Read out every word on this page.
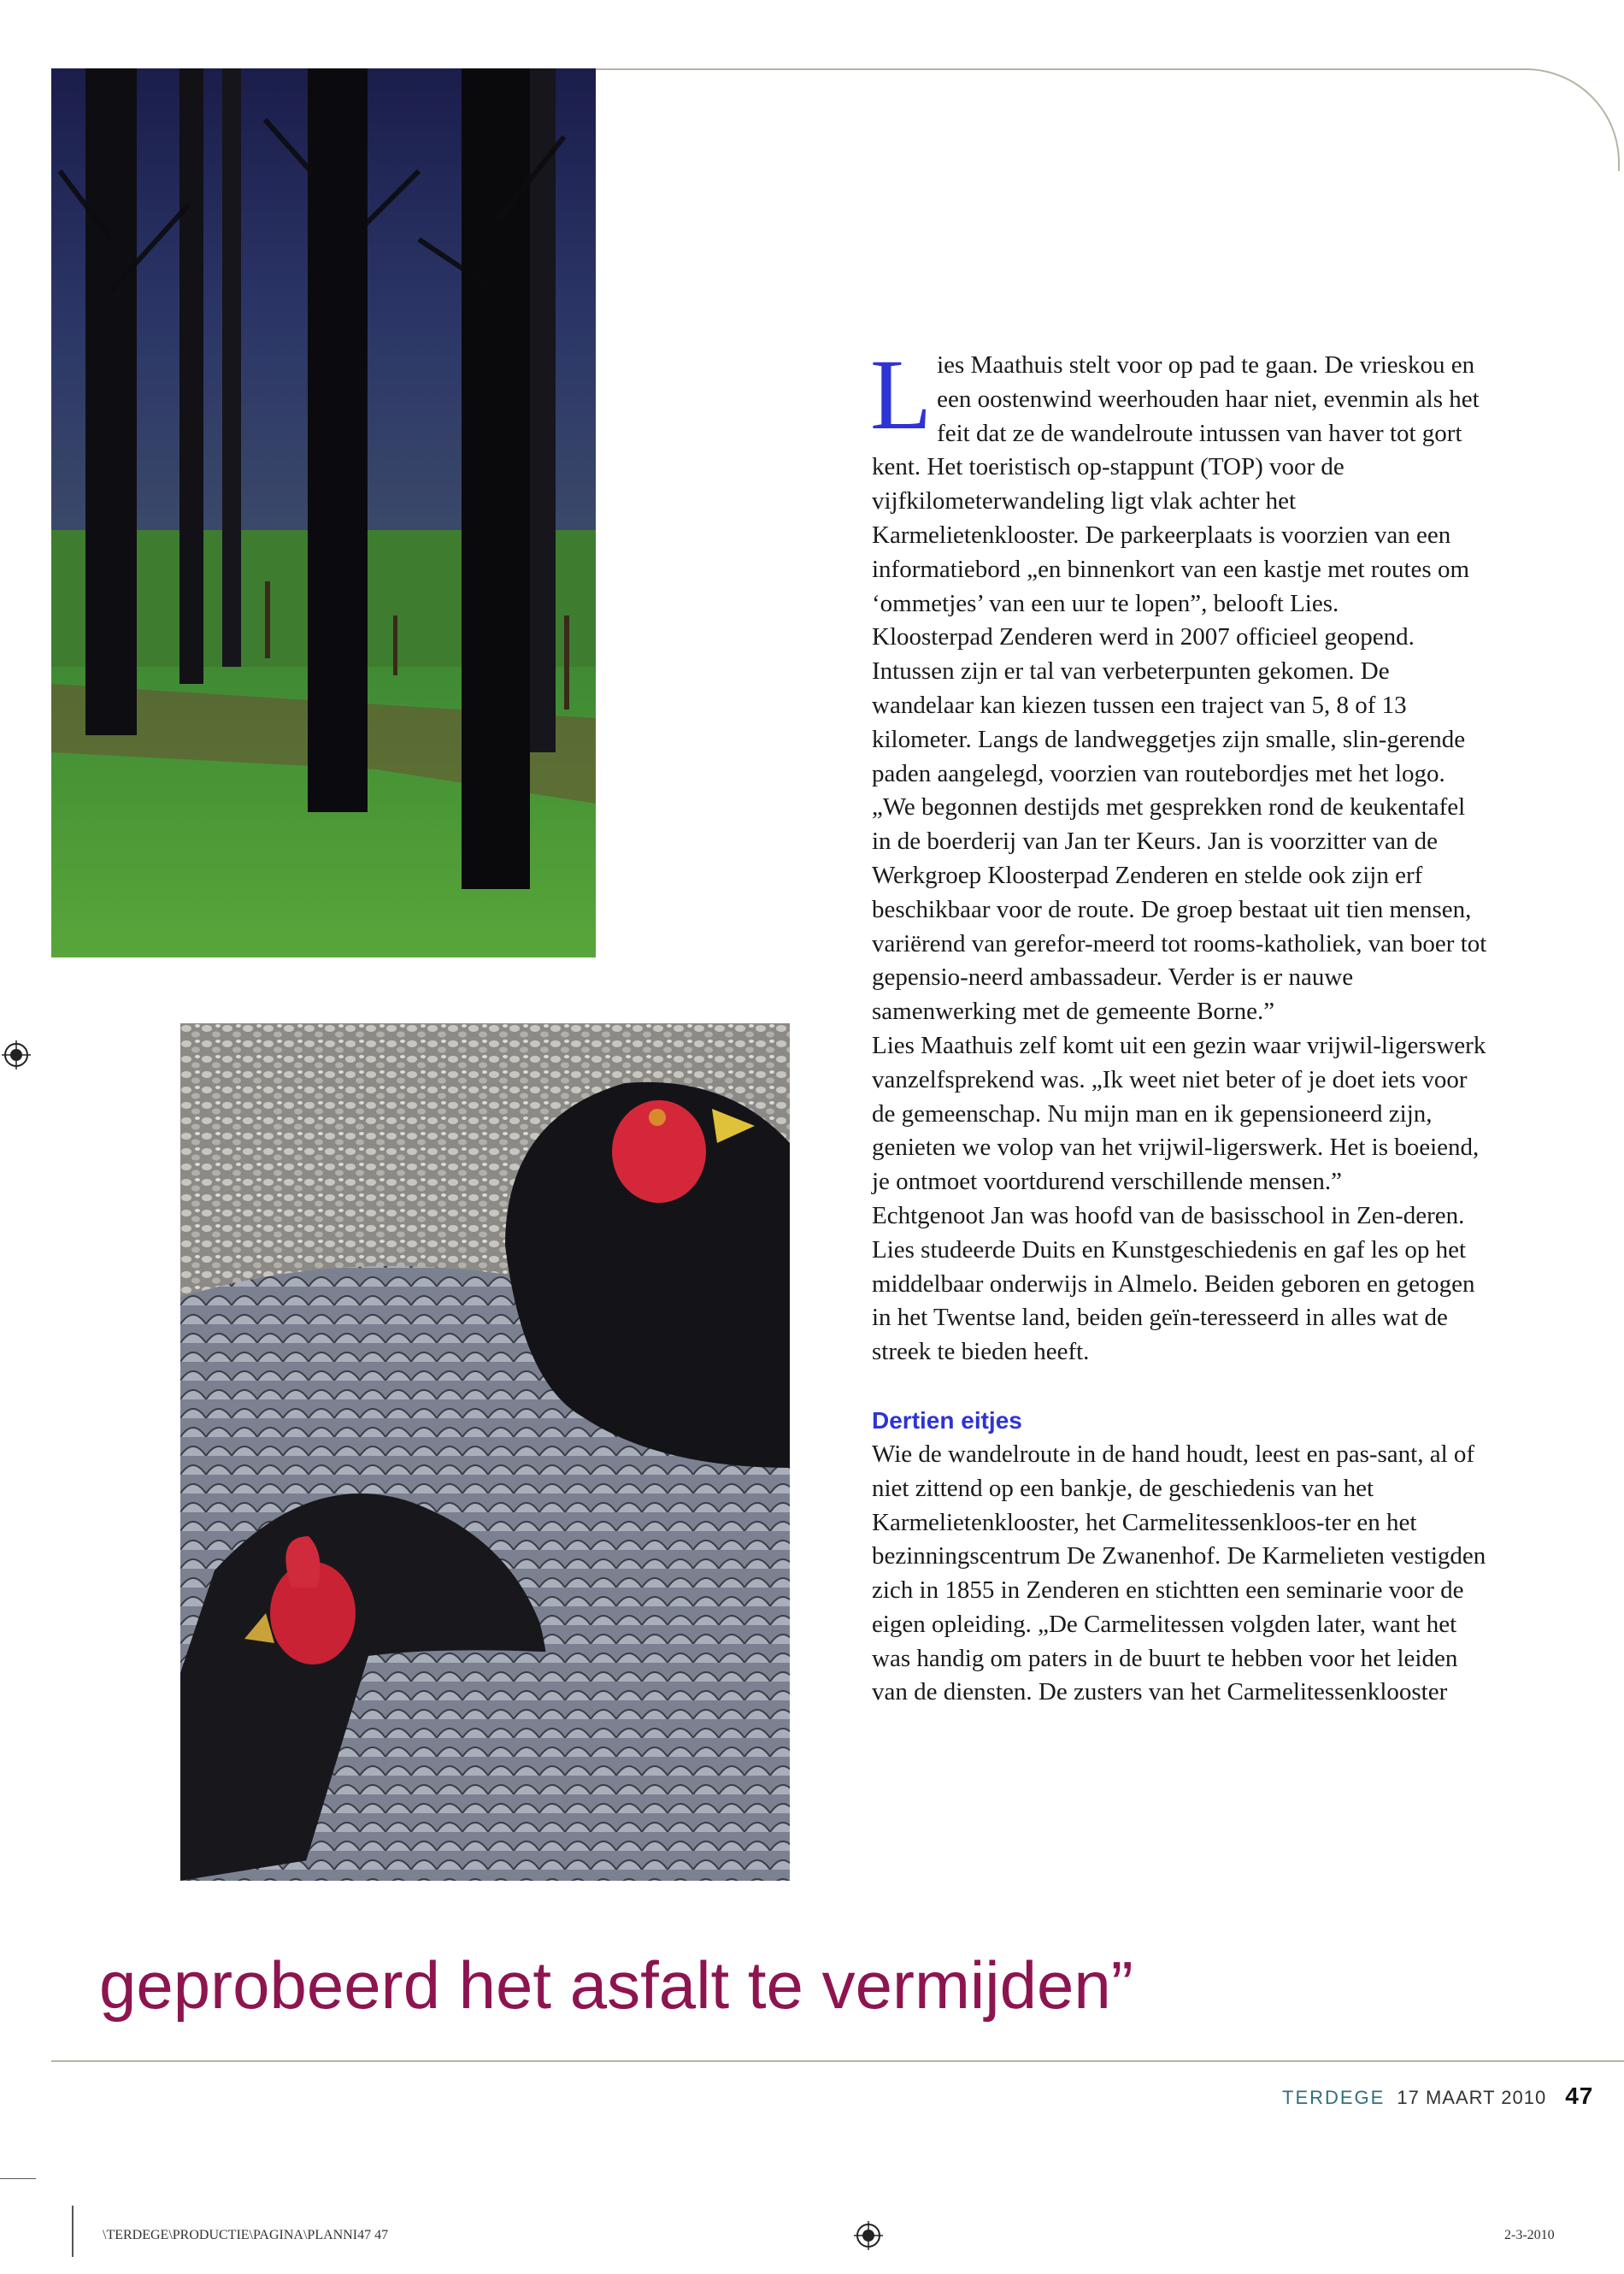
Lies Maathuis stelt voor op pad te gaan. De vrieskou en een oostenwind weerhouden haar niet, evenmin als het feit dat ze de wandelroute intussen van haver tot gort kent. Het toeristisch op-stappunt (TOP) voor de vijfkilometerwandeling ligt vlak achter het Karmelietenklooster. De parkeerplaats is voorzien van een informatiebord „en binnenkort van een kastje met routes om ‘ommetjes’ van een uur te lopen”, belooft Lies.

Kloosterpad Zenderen werd in 2007 officieel geopend. Intussen zijn er tal van verbeterpunten gekomen. De wandelaar kan kiezen tussen een traject van 5, 8 of 13 kilometer. Langs de landweggetjes zijn smalle, slin-gerende paden aangelegd, voorzien van routebordjes met het logo.

„We begonnen destijds met gesprekken rond de keukentafel in de boerderij van Jan ter Keurs. Jan is voorzitter van de Werkgroep Kloosterpad Zenderen en stelde ook zijn erf beschikbaar voor de route. De groep bestaat uit tien mensen, variërend van gerefor-meerd tot rooms-katholiek, van boer tot gepensio-neerd ambassadeur. Verder is er nauwe samenwerking met de gemeente Borne.”

Lies Maathuis zelf komt uit een gezin waar vrijwil-ligerswerk vanzelfsprekend was. „Ik weet niet beter of je doet iets voor de gemeenschap. Nu mijn man en ik gepensioneerd zijn, genieten we volop van het vrijwil-ligerswerk. Het is boeiend, je ontmoet voortdurend verschillende mensen.”

Echtgenoot Jan was hoofd van de basisschool in Zen-deren. Lies studeerde Duits en Kunstgeschiedenis en gaf les op het middelbaar onderwijs in Almelo. Beiden geboren en getogen in het Twentse land, beiden geïn-teresseerd in alles wat de streek te bieden heeft.

Dertien eitjes

Wie de wandelroute in de hand houdt, leest en pas-sant, al of niet zittend op een bankje, de geschiedenis van het Karmelietenklooster, het Carmelitessenkloos-ter en het bezinningscentrum De Zwanenhof. De Karmelieten vestigden zich in 1855 in Zenderen en stichtten een seminarie voor de eigen opleiding. „De Carmelitessen volgden later, want het was handig om paters in de buurt te hebben voor het leiden van de diensten. De zusters van het Carmelitessenklooster

geprobeerd het asfalt te vermijden”
TERDEGE 17 MAART 2010 47
\TERDEGE\PRODUCTIE\PAGINA\PLANNI47 47	2-3-2010
